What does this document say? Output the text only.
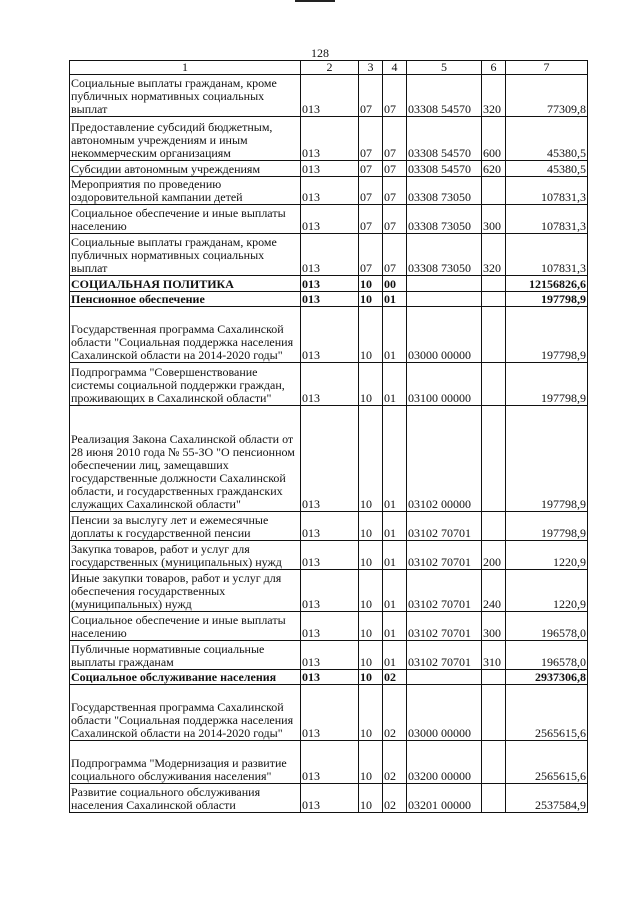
128
1	2	3	4	5	6	7
Социальные выплаты гражданам, кроме публичных нормативных социальных выплат	013	07	07	03308 54570	320	77309,8
Предоставление субсидий бюджетным, автономным учреждениям и иным некоммерческим организациям	013	07	07	03308 54570	600	45380,5
Субсидии автономным учреждениям	013	07	07	03308 54570	620	45380,5
Мероприятия по проведению оздоровительной кампании детей	013	07	07	03308 73050		107831,3
Социальное обеспечение и иные выплаты населению	013	07	07	03308 73050	300	107831,3
Социальные выплаты гражданам, кроме публичных нормативных социальных выплат	013	07	07	03308 73050	320	107831,3
СОЦИАЛЬНАЯ ПОЛИТИКА	013	10	00			12156826,6
Пенсионное обеспечение	013	10	01			197798,9
Государственная программа Сахалинской области "Социальная поддержка населения Сахалинской области на 2014-2020 годы"	013	10	01	03000 00000		197798,9
Подпрограмма "Совершенствование системы социальной поддержки граждан, проживающих в Сахалинской области"	013	10	01	03100 00000		197798,9
Реализация Закона Сахалинской области от 28 июня 2010 года № 55-ЗО "О пенсионном обеспечении лиц, замещавших государственные должности Сахалинской области, и государственных гражданских служащих Сахалинской области"	013	10	01	03102 00000		197798,9
Пенсии за выслугу лет и ежемесячные доплаты к государственной пенсии	013	10	01	03102 70701		197798,9
Закупка товаров, работ и услуг для государственных (муниципальных) нужд	013	10	01	03102 70701	200	1220,9
Иные закупки товаров, работ и услуг для обеспечения государственных (муниципальных) нужд	013	10	01	03102 70701	240	1220,9
Социальное обеспечение и иные выплаты населению	013	10	01	03102 70701	300	196578,0
Публичные нормативные социальные выплаты гражданам	013	10	01	03102 70701	310	196578,0
Социальное обслуживание населения	013	10	02			2937306,8
Государственная программа Сахалинской области "Социальная поддержка населения Сахалинской области на 2014-2020 годы"	013	10	02	03000 00000		2565615,6
Подпрограмма "Модернизация и развитие социального обслуживания населения"	013	10	02	03200 00000		2565615,6
Развитие социального обслуживания населения Сахалинской области	013	10	02	03201 00000		2537584,9
